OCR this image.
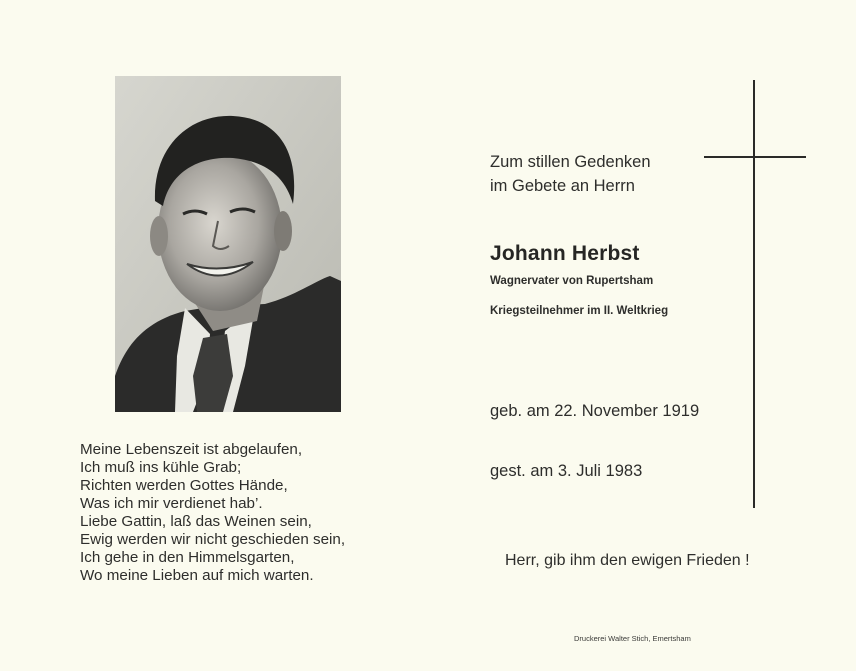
Meine Lebenszeit ist abgelaufen,
Ich muß ins kühle Grab;
Richten werden Gottes Hände,
Was ich mir verdienet hab’.
Liebe Gattin, laß das Weinen sein,
Ewig werden wir nicht geschieden sein,
Ich gehe in den Himmelsgarten,
Wo meine Lieben auf mich warten.
Zum stillen Gedenken
im Gebete an Herrn
Johann Herbst
Wagnervater von Rupertsham
Kriegsteilnehmer im II. Weltkrieg
geb. am 22. November 1919
gest. am 3. Juli 1983
Herr, gib ihm den ewigen Frieden !
Druckerei Walter Stich, Emertsham
